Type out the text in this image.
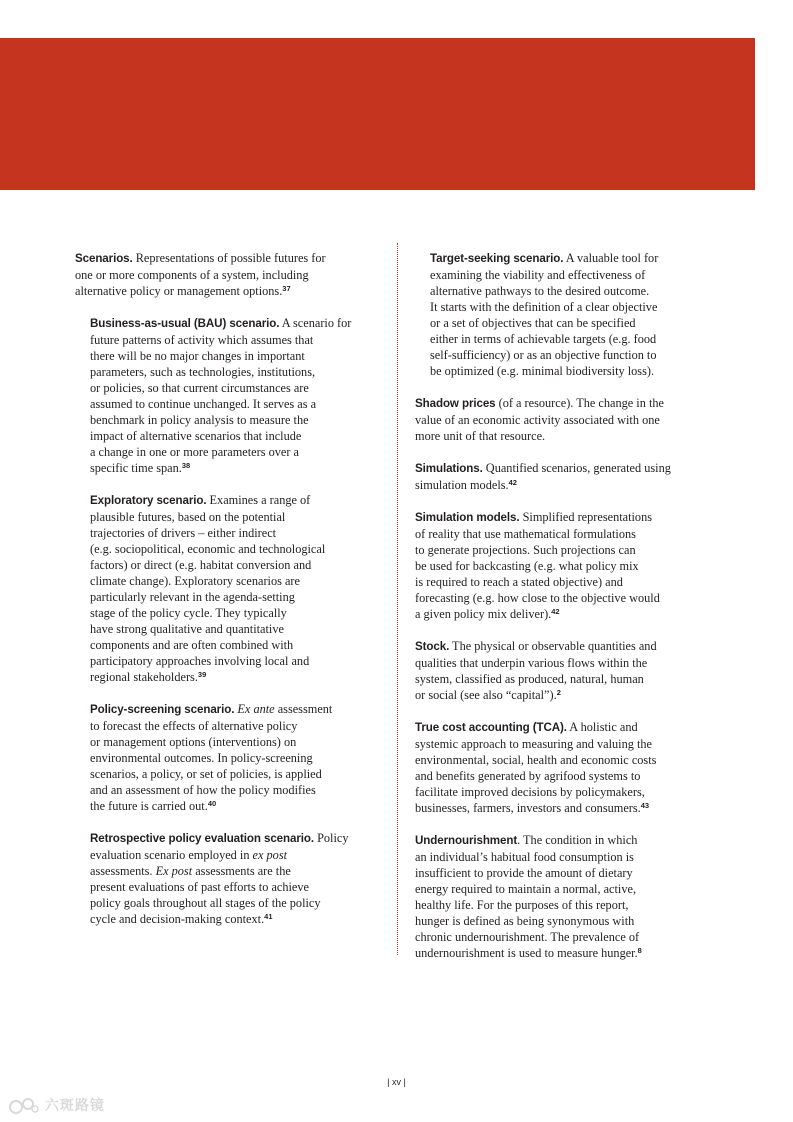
Scenarios. Representations of possible futures for
one or more components of a system, including
alternative policy or management options.$^{37}$
Business-as-usual (BAU) scenario. A scenario for
future patterns of activity which assumes that
there will be no major changes in important
parameters, such as technologies, institutions,
or policies, so that current circumstances are
assumed to continue unchanged. It serves as a
benchmark in policy analysis to measure the
impact of alternative scenarios that include
a change in one or more parameters over a
specific time span.$^{38}$
Exploratory scenario. Examines a range of
plausible futures, based on the potential
trajectories of drivers – either indirect
(e.g. sociopolitical, economic and technological
factors) or direct (e.g. habitat conversion and
climate change). Exploratory scenarios are
particularly relevant in the agenda-setting
stage of the policy cycle. They typically
have strong qualitative and quantitative
components and are often combined with
participatory approaches involving local and
regional stakeholders.$^{39}$
Policy-screening scenario. Ex ante assessment
to forecast the effects of alternative policy
or management options (interventions) on
environmental outcomes. In policy-screening
scenarios, a policy, or set of policies, is applied
and an assessment of how the policy modifies
the future is carried out.$^{40}$
Retrospective policy evaluation scenario. Policy
evaluation scenario employed in ex post
assessments. Ex post assessments are the
present evaluations of past efforts to achieve
policy goals throughout all stages of the policy
cycle and decision-making context.$^{41}$
Target-seeking scenario. A valuable tool for
examining the viability and effectiveness of
alternative pathways to the desired outcome.
It starts with the definition of a clear objective
or a set of objectives that can be specified
either in terms of achievable targets (e.g. food
self-sufficiency) or as an objective function to
be optimized (e.g. minimal biodiversity loss).
Shadow prices (of a resource). The change in the
value of an economic activity associated with one
more unit of that resource.
Simulations. Quantified scenarios, generated using
simulation models.$^{42}$
Simulation models. Simplified representations
of reality that use mathematical formulations
to generate projections. Such projections can
be used for backcasting (e.g. what policy mix
is required to reach a stated objective) and
forecasting (e.g. how close to the objective would
a given policy mix deliver).$^{42}$
Stock. The physical or observable quantities and
qualities that underpin various flows within the
system, classified as produced, natural, human
or social (see also “capital”).$^2$
True cost accounting (TCA). A holistic and
systemic approach to measuring and valuing the
environmental, social, health and economic costs
and benefits generated by agrifood systems to
facilitate improved decisions by policymakers,
businesses, farmers, investors and consumers.$^{43}$
Undernourishment. The condition in which
an individual’s habitual food consumption is
insufficient to provide the amount of dietary
energy required to maintain a normal, active,
healthy life. For the purposes of this report,
hunger is defined as being synonymous with
chronic undernourishment. The prevalence of
undernourishment is used to measure hunger.$^8$
| xv |
六斑路镜
